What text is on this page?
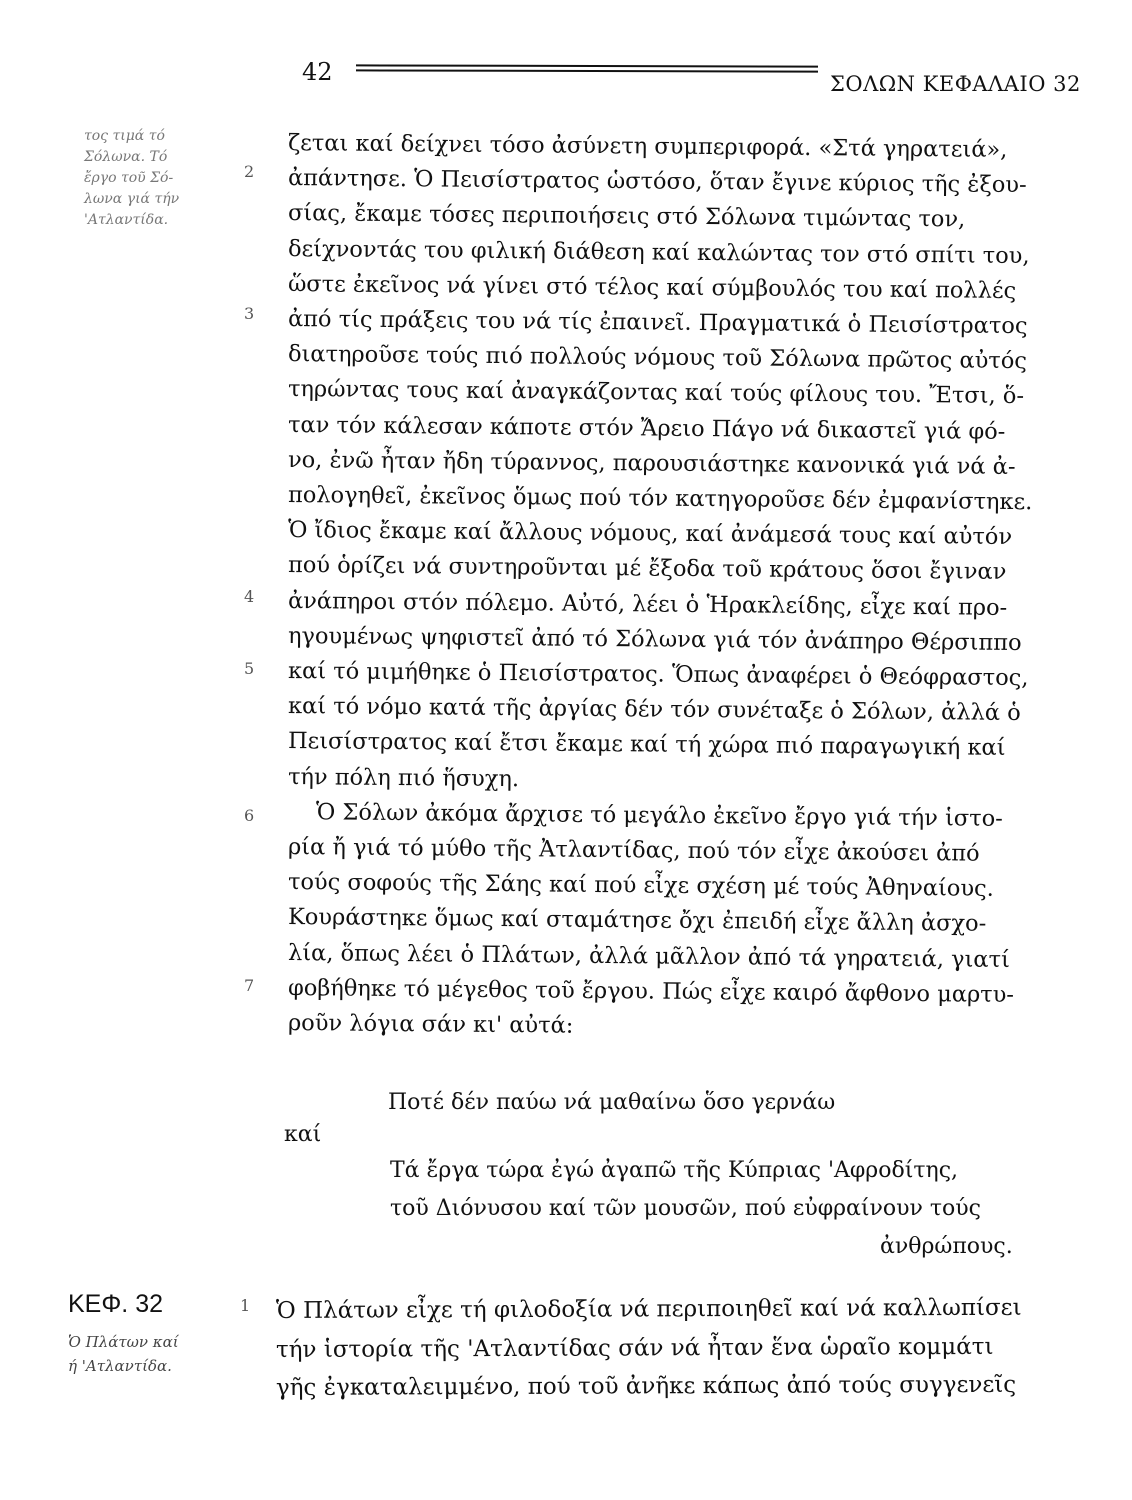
42	ΣΟΛΩΝ ΚΕΦΑΛΑΙΟ 32
τος τιμά τό
Σόλωνα. Τό
ἔργο τοῦ Σό-
λωνα γιά τήν
'Ατλαντίδα.
2
3
4
5
6
7
1
ζεται καί δείχνει τόσο ἀσύνετη συμπεριφορά. «Στά γηρατειά»,
ἀπάντησε. Ὁ Πεισίστρατος ὡστόσο, ὅταν ἔγινε κύριος τῆς ἐξου-
σίας, ἔκαμε τόσες περιποιήσεις στό Σόλωνα τιμώντας τον,
δείχνοντάς του φιλική διάθεση καί καλώντας τον στό σπίτι του,
ὥστε ἐκεῖνος νά γίνει στό τέλος καί σύμβουλός του καί πολλές
ἀπό τίς πράξεις του νά τίς ἐπαινεῖ. Πραγματικά ὁ Πεισίστρατος
διατηροῦσε τούς πιό πολλούς νόμους τοῦ Σόλωνα πρῶτος αὐτός
τηρώντας τους καί ἀναγκάζοντας καί τούς φίλους του. Ἔτσι, ὅ-
ταν τόν κάλεσαν κάποτε στόν Ἄρειο Πάγο νά δικαστεῖ γιά φό-
νο, ἐνῶ ἦταν ἤδη τύραννος, παρουσιάστηκε κανονικά γιά νά ἀ-
πολογηθεῖ, ἐκεῖνος ὅμως πού τόν κατηγοροῦσε δέν ἐμφανίστηκε.
Ὁ ἴδιος ἔκαμε καί ἄλλους νόμους, καί ἀνάμεσά τους καί αὐτόν
πού ὁρίζει νά συντηροῦνται μέ ἔξοδα τοῦ κράτους ὅσοι ἔγιναν
ἀνάπηροι στόν πόλεμο. Αὐτό, λέει ὁ Ἡρακλείδης, εἶχε καί προ-
ηγουμένως ψηφιστεῖ ἀπό τό Σόλωνα γιά τόν ἀνάπηρο Θέρσιππο
καί τό μιμήθηκε ὁ Πεισίστρατος. Ὅπως ἀναφέρει ὁ Θεόφραστος,
καί τό νόμο κατά τῆς ἀργίας δέν τόν συνέταξε ὁ Σόλων, ἀλλά ὁ
Πεισίστρατος καί ἔτσι ἔκαμε καί τή χώρα πιό παραγωγική καί
τήν πόλη πιό ἥσυχη.
Ὁ Σόλων ἀκόμα ἄρχισε τό μεγάλο ἐκεῖνο ἔργο γιά τήν ἱστο-
ρία ἤ γιά τό μύθο τῆς Ἀτλαντίδας, πού τόν εἶχε ἀκούσει ἀπό
τούς σοφούς τῆς Σάης καί πού εἶχε σχέση μέ τούς Ἀθηναίους.
Κουράστηκε ὅμως καί σταμάτησε ὄχι ἐπειδή εἶχε ἄλλη ἀσχο-
λία, ὅπως λέει ὁ Πλάτων, ἀλλά μᾶλλον ἀπό τά γηρατειά, γιατί
φοβήθηκε τό μέγεθος τοῦ ἔργου. Πώς εἶχε καιρό ἄφθονο μαρτυ-
ροῦν λόγια σάν κι' αὐτά:
Ποτέ δέν παύω νά μαθαίνω ὅσο γερνάω
καί
Τά ἔργα τώρα ἐγώ ἀγαπῶ τῆς Κύπριας 'Αφροδίτης,
τοῦ Διόνυσου καί τῶν μουσῶν, πού εὐφραίνουν τούς
ἀνθρώπους.
ΚΕΦ. 32
Ὁ Πλάτων καί
ή 'Ατλαντίδα.
Ὁ Πλάτων εἶχε τή φιλοδοξία νά περιποιηθεῖ καί νά καλλωπίσει
τήν ἱστορία τῆς 'Ατλαντίδας σάν νά ἦταν ἕνα ὡραῖο κομμάτι
γῆς ἐγκαταλειμμένο, πού τοῦ ἀνῆκε κάπως ἀπό τούς συγγενεῖς
